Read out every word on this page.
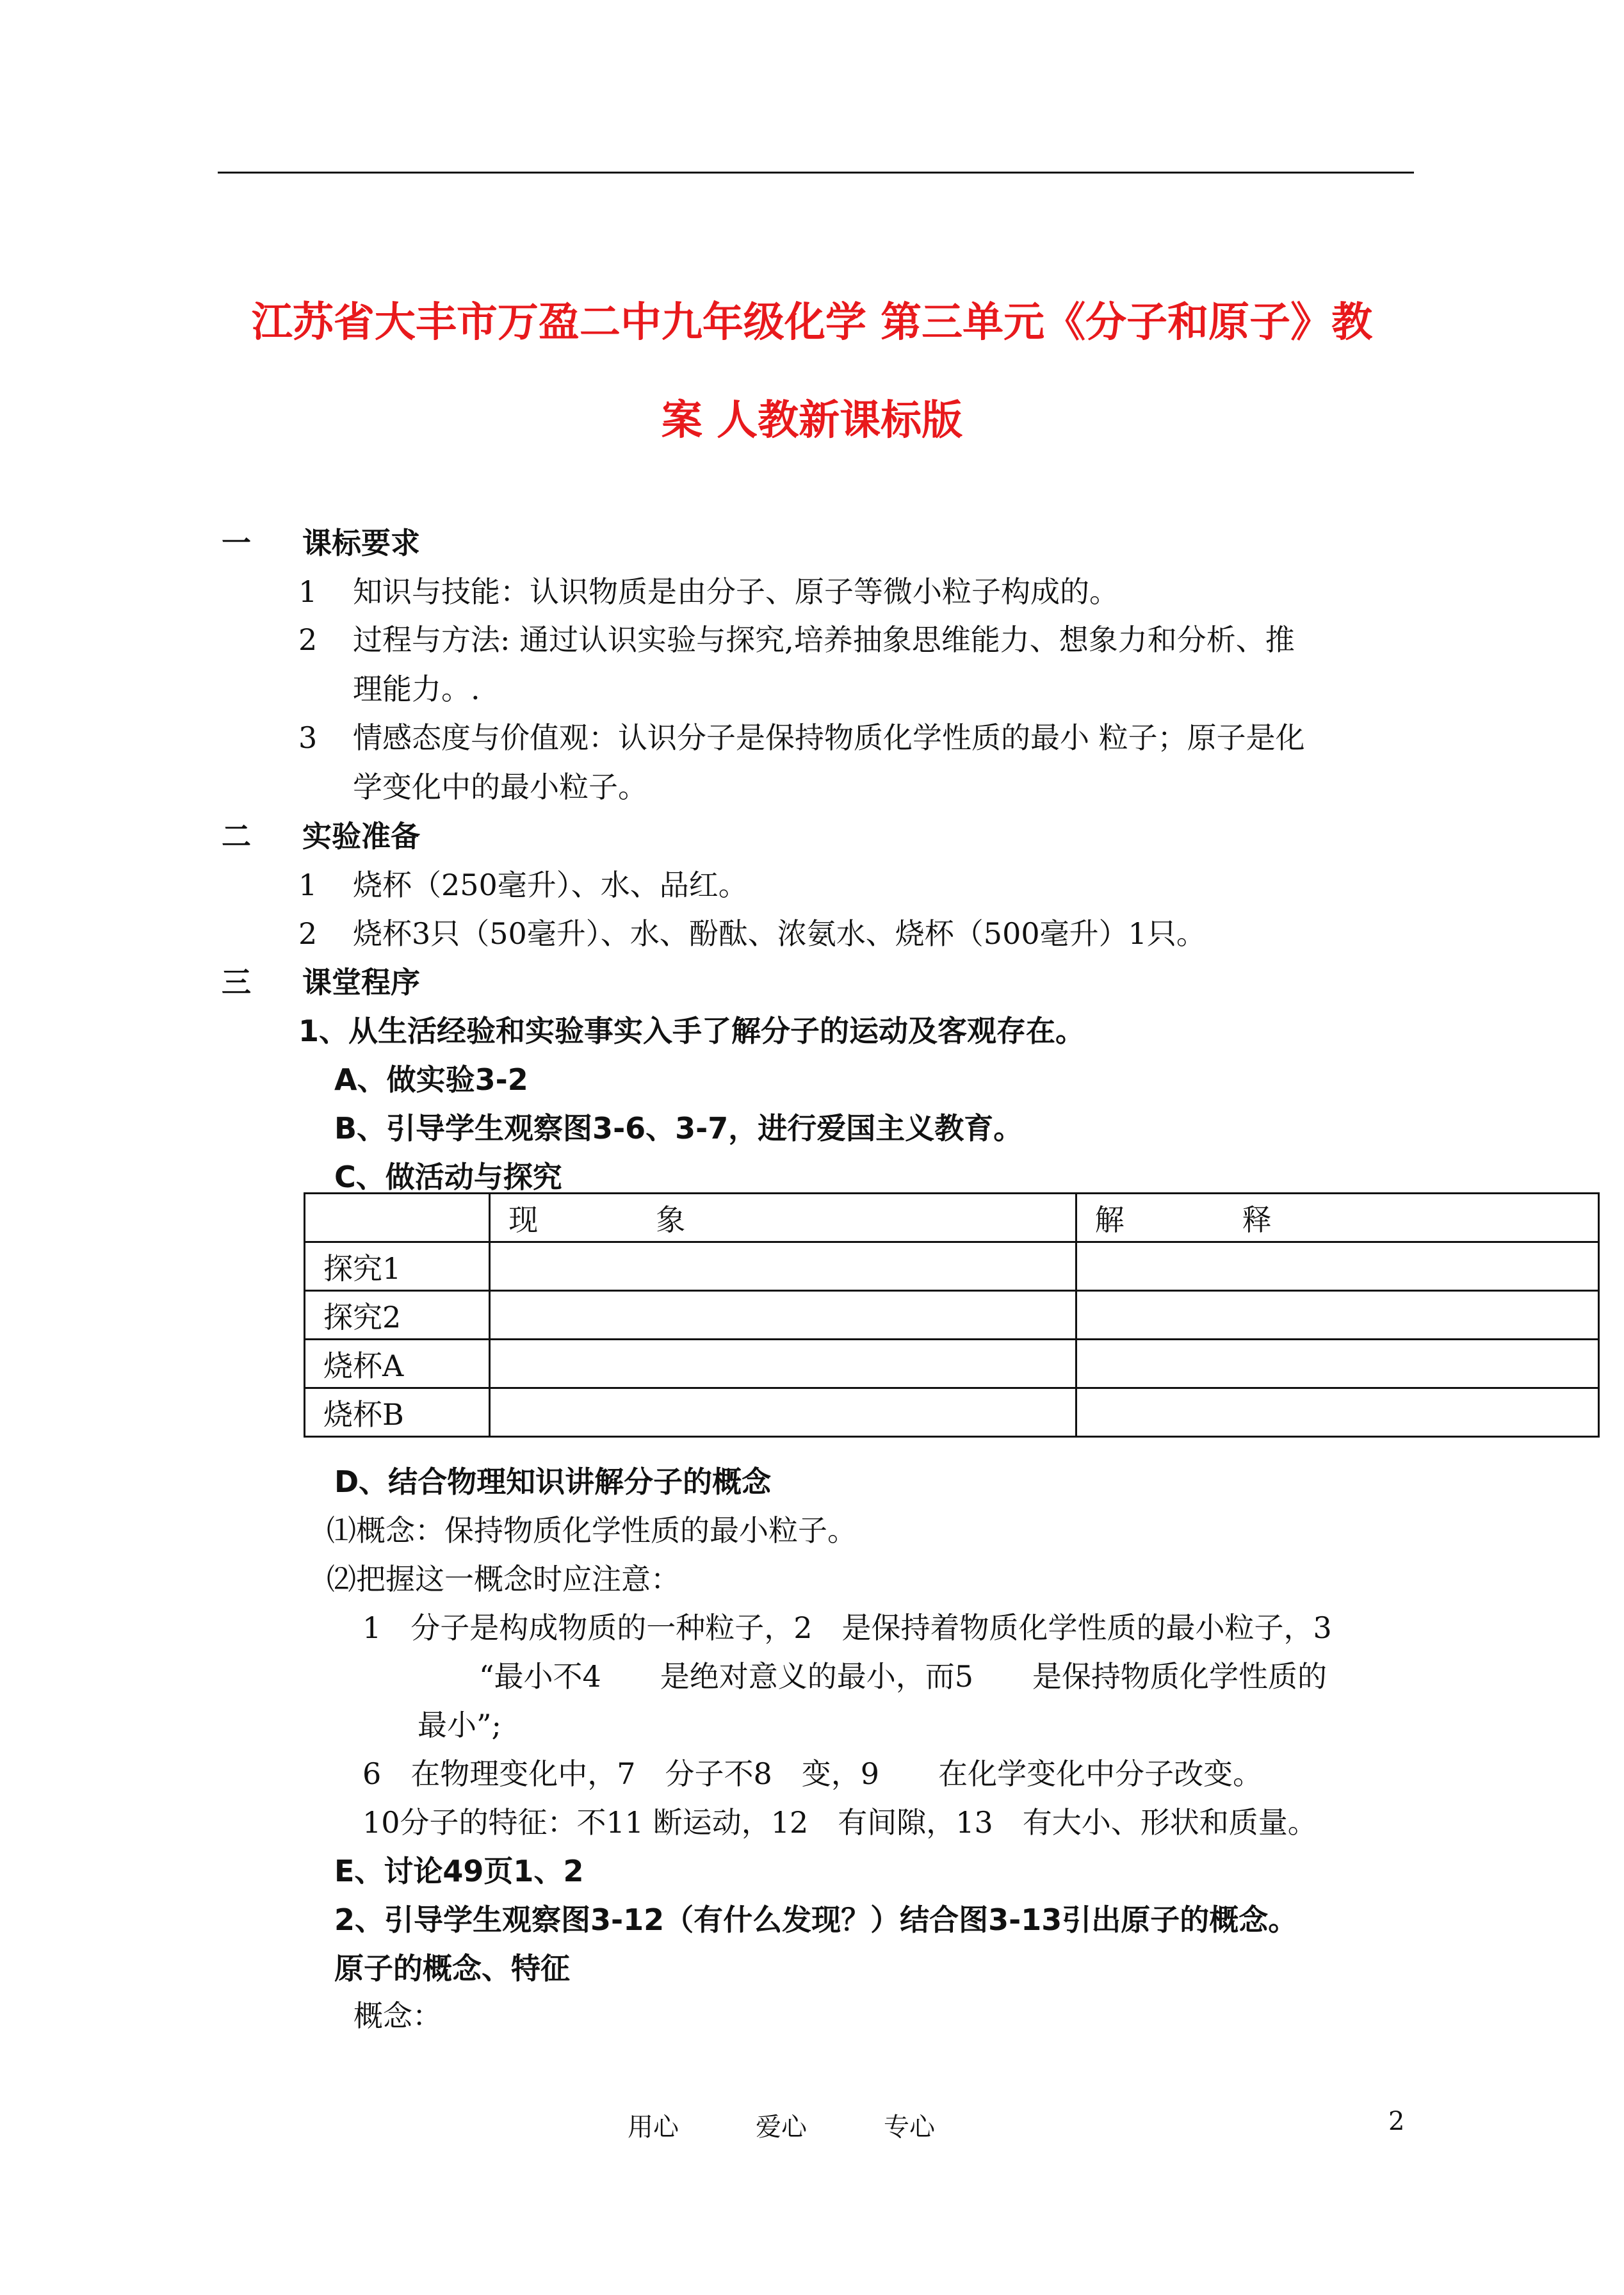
江苏省大丰市万盈二中九年级化学 第三单元《分子和原子》教
案 人教新课标版
一 课标要求
1 知识与技能：认识物质是由分子、原子等微小粒子构成的。
2 过程与方法: 通过认识实验与探究,培养抽象思维能力、想象力和分析、推
理能力。.
3 情感态度与价值观：认识分子是保持物质化学性质的最小 粒子；原子是化
学变化中的最小粒子。
二 实验准备
1 烧杯（250毫升）、水、品红。
2 烧杯3只（50毫升）、水、酚酞、浓氨水、烧杯（500毫升）1只。
三 课堂程序
1、从生活经验和实验事实入手了解分子的运动及客观存在。
A、做实验3-2
B、引导学生观察图3-6、3-7，进行爱国主义教育。
C、做活动与探究
	现　　　　象	解　　　　释
探究1		
探究2		
烧杯A		
烧杯B		
D、结合物理知识讲解分子的概念
⑴概念：保持物质化学性质的最小粒子。
⑵把握这一概念时应注意：
1　分子是构成物质的一种粒子，2　是保持着物质化学性质的最小粒子，3
“最小不4　　是绝对意义的最小，而5　　是保持物质化学性质的
最小”;
6　在物理变化中，7　分子不8　变，9　　在化学变化中分子改变。
10分子的特征：不11 断运动，12　有间隙，13　有大小、形状和质量。
E、讨论49页1、2
2、引导学生观察图3-12（有什么发现？）结合图3-13引出原子的概念。
原子的概念、特征
概念：
用心	爱心	专心	2
